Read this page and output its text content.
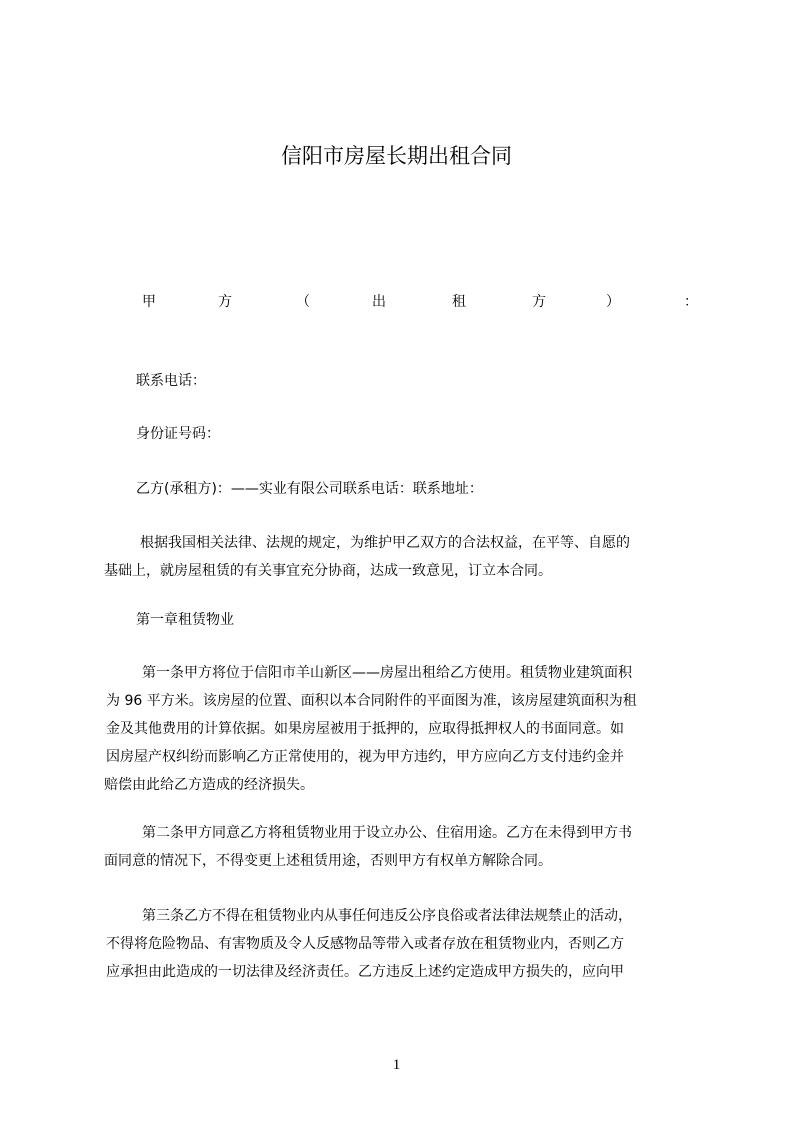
信阳市房屋长期出租合同
甲	方	（	出	租	方	）	：

联系电话：

身份证号码：

乙方(承租方)：——实业有限公司联系电话：联系地址：

根据我国相关法律、法规的规定，为维护甲乙双方的合法权益，在平等、自愿的
基础上，就房屋租赁的有关事宜充分协商，达成一致意见，订立本合同。

第一章租赁物业

第一条甲方将位于信阳市羊山新区——房屋出租给乙方使用。租赁物业建筑面积
为 96 平方米。该房屋的位置、面积以本合同附件的平面图为准，该房屋建筑面积为租
金及其他费用的计算依据。如果房屋被用于抵押的，应取得抵押权人的书面同意。如
因房屋产权纠纷而影响乙方正常使用的，视为甲方违约，甲方应向乙方支付违约金并
赔偿由此给乙方造成的经济损失。
第二条甲方同意乙方将租赁物业用于设立办公、住宿用途。乙方在未得到甲方书
面同意的情况下，不得变更上述租赁用途，否则甲方有权单方解除合同。
第三条乙方不得在租赁物业内从事任何违反公序良俗或者法律法规禁止的活动，
不得将危险物品、有害物质及令人反感物品等带入或者存放在租赁物业内，否则乙方
应承担由此造成的一切法律及经济责任。乙方违反上述约定造成甲方损失的，应向甲
1
